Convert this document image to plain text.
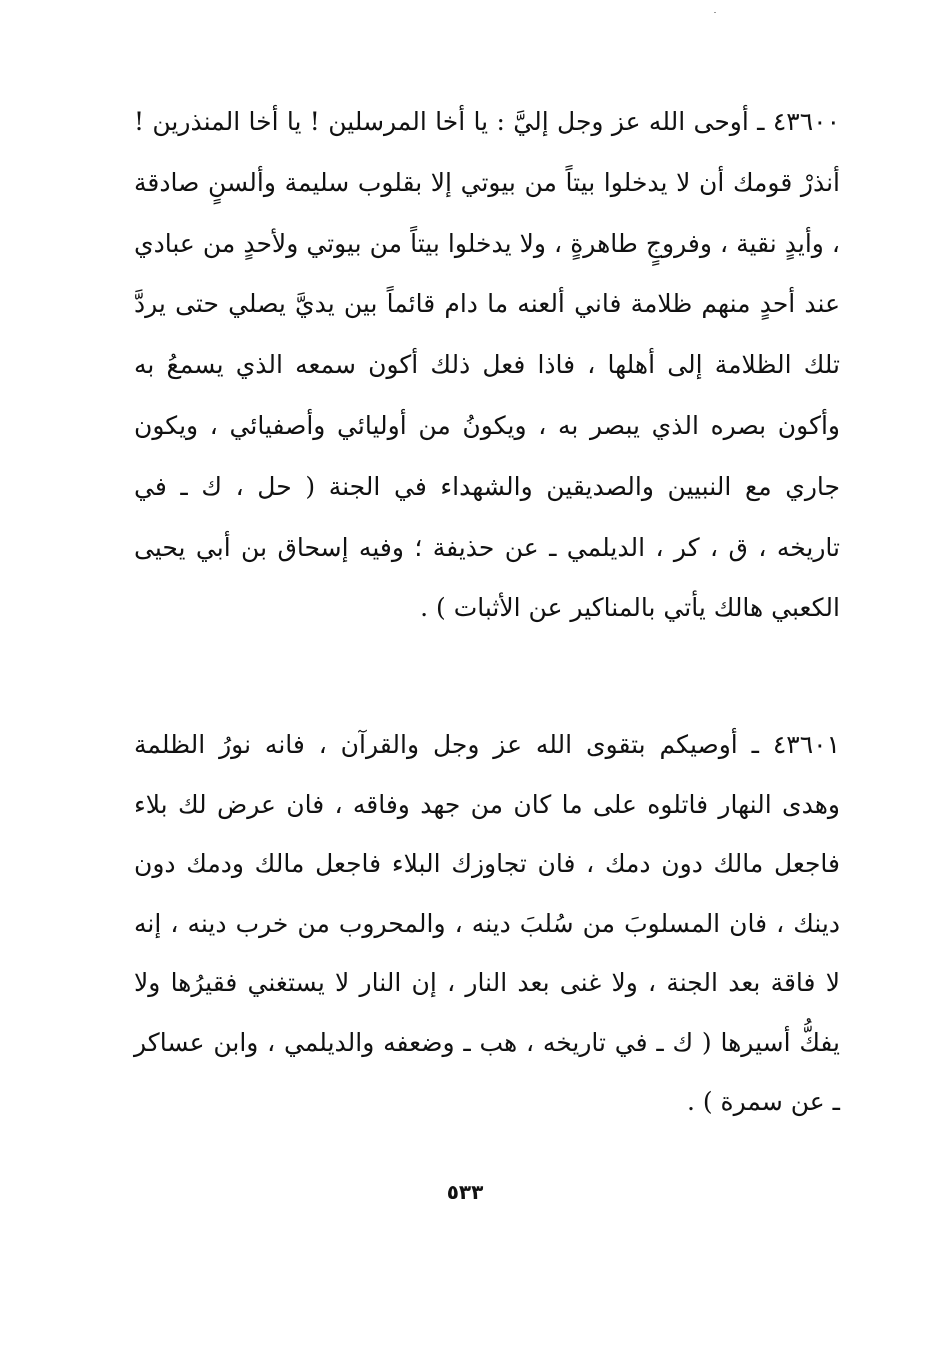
٤٣٦٠٠ ـ أوحى الله عز وجل إليَّ : يا أخا المرسلين ! يا أخا المنذرين ! أنذرْ قومك أن لا يدخلوا بيتاً من بيوتي إلا بقلوب سليمة وألسنٍ صادقة ، وأيدٍ نقية ، وفروجٍ طاهرةٍ ، ولا يدخلوا بيتاً من بيوتي ولأحدٍ من عبادي عند أحدٍ منهم ظلامة فاني ألعنه ما دام قائماً بين يديَّ يصلي حتى يردَّ تلك الظلامة إلى أهلها ، فاذا فعل ذلك أكون سمعه الذي يسمعُ به وأكون بصره الذي يبصر به ، ويكونُ من أوليائي وأصفيائي ، ويكون جاري مع النبيين والصديقين والشهداء في الجنة ( حل ، ك ـ في تاريخه ، ق ، كر ، الديلمي ـ عن حذيفة ؛ وفيه إسحاق بن أبي يحيى الكعبي هالك يأتي بالمناكير عن الأثبات ) .
٤٣٦٠١ ـ أوصيكم بتقوى الله عز وجل والقرآن ، فانه نورُ الظلمة وهدى النهار فاتلوه على ما كان من جهد وفاقه ، فان عرض لك بلاء فاجعل مالك دون دمك ، فان تجاوزك البلاء فاجعل مالك ودمك دون دينك ، فان المسلوبَ من سُلبَ دينه ، والمحروب من خرب دينه ، إنه لا فاقة بعد الجنة ، ولا غنى بعد النار ، إن النار لا يستغني فقيرُها ولا يفكُّ أسيرها ( ك ـ في تاريخه ، هب ـ وضعفه والديلمي ، وابن عساكر ـ عن سمرة ) .
٥٣٣
